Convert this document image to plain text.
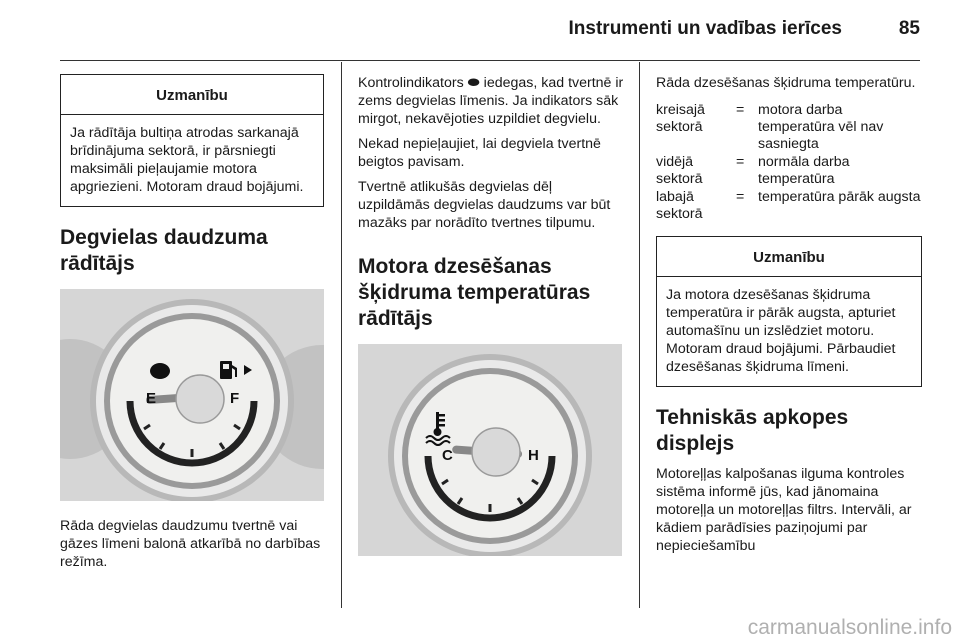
Instrumenti un vadības ierīces	85
Uzmanību
Ja rādītāja bultiņa atrodas sarkanajā brīdinājuma sektorā, ir pārsniegti maksimāli pieļaujamie motora apgriezieni. Motoram draud bojājumi.
Degvielas daudzuma rādītājs
E	F

Rāda degvielas daudzumu tvertnē vai gāzes līmeni balonā atkarībā no darbības režīma.

Kontrolindikators ⬬ iedegas, kad tvertnē ir zems degvielas līmenis. Ja indikators sāk mirgot, nekavējoties uzpildiet degvielu.

Nekad nepieļaujiet, lai degviela tvertnē beigtos pavisam.

Tvertnē atlikušās degvielas dēļ uzpildāmās degvielas daudzums var būt mazāks par norādīto tvertnes tilpumu.

Motora dzesēšanas šķidruma temperatūras rādītājs
C	H

Rāda dzesēšanas šķidruma temperatūru.

kreisajā sektorā	=	motora darba temperatūra vēl nav sasniegta
vidējā sektorā	=	normāla darba temperatūra
labajā sektorā	=	temperatūra pārāk augsta
Uzmanību
Ja motora dzesēšanas šķidruma temperatūra ir pārāk augsta, apturiet automašīnu un izslēdziet motoru. Motoram draud bojājumi. Pārbaudiet dzesēšanas šķidruma līmeni.
Tehniskās apkopes displejs

Motoreļļas kalpošanas ilguma kontroles sistēma informē jūs, kad jānomaina motoreļļa un motoreļļas filtrs. Intervāli, ar kādiem parādīsies paziņojumi par nepieciešamību

carmanualsonline.info
